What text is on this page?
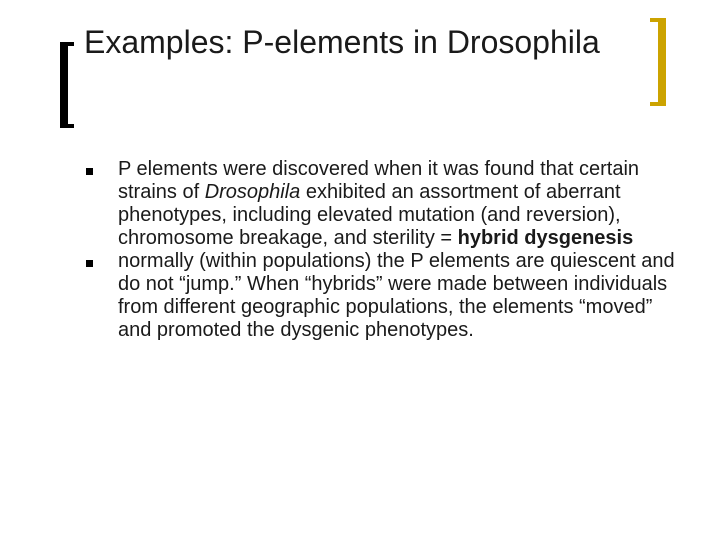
Examples: P-elements in Drosophila
P elements were discovered when it was found that certain strains of Drosophila exhibited an assortment of aberrant phenotypes, including elevated mutation (and reversion), chromosome breakage, and sterility = hybrid dysgenesis
normally (within populations) the P elements are quiescent and do not “jump.” When “hybrids” were made between individuals from different geographic populations, the elements “moved” and promoted the dysgenic phenotypes.
